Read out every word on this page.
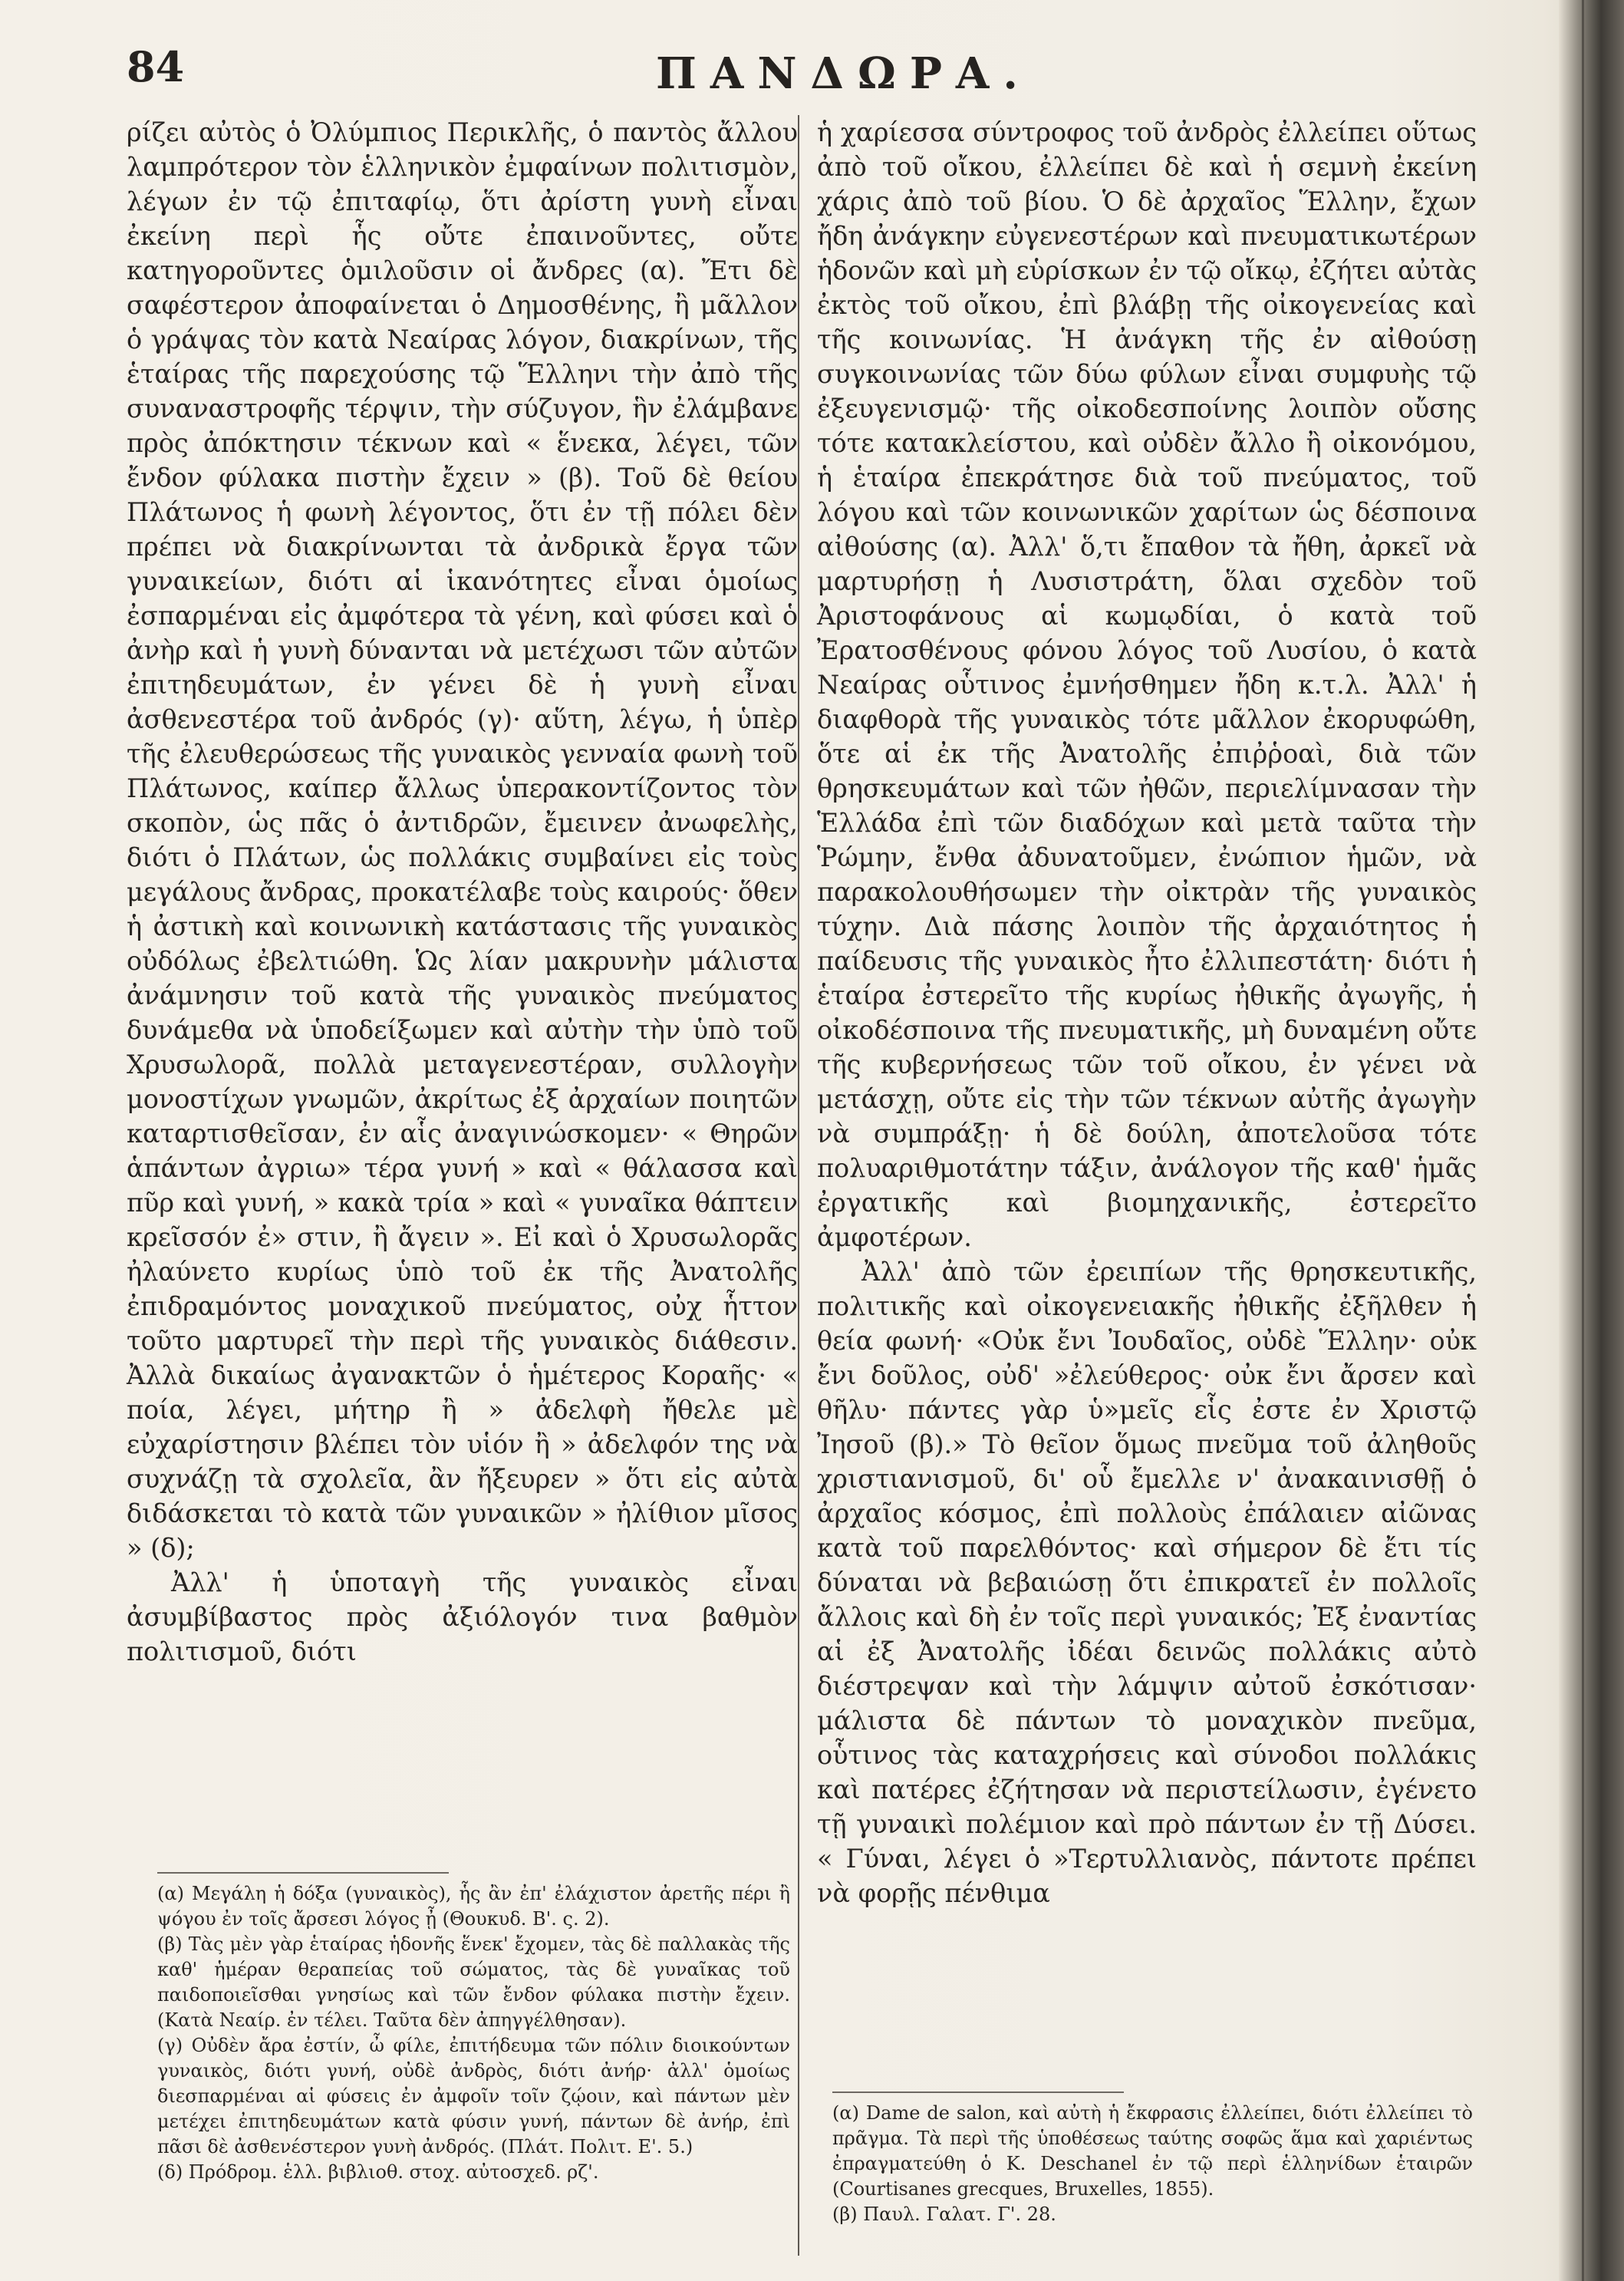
84	ΠΑΝΔΩΡΑ.

ρίζει αὐτὸς ὁ Ὀλύμπιος Περικλῆς, ὁ παντὸς ἄλλου λαμπρότερον τὸν ἑλληνικὸν ἐμφαίνων πολιτισμὸν, λέγων ἐν τῷ ἐπιταφίῳ, ὅτι ἀρίστη γυνὴ εἶναι ἐκείνη περὶ ἧς οὔτε ἐπαινοῦντες, οὔτε κατηγοροῦντες ὁμιλοῦσιν οἱ ἄνδρες (α). Ἔτι δὲ σαφέστερον ἀποφαίνεται ὁ Δημοσθένης, ἢ μᾶλλον ὁ γράψας τὸν κατὰ Νεαίρας λόγον, διακρίνων, τῆς ἑταίρας τῆς παρεχούσης τῷ Ἕλληνι τὴν ἀπὸ τῆς συναναστροφῆς τέρψιν, τὴν σύζυγον, ἣν ἐλάμβανε πρὸς ἀπόκτησιν τέκνων καὶ « ἕνεκα, λέγει, τῶν ἔνδον φύλακα πιστὴν ἔχειν » (β). Τοῦ δὲ θείου Πλάτωνος ἡ φωνὴ λέγοντος, ὅτι ἐν τῇ πόλει δὲν πρέπει νὰ διακρίνωνται τὰ ἀνδρικὰ ἔργα τῶν γυναικείων, διότι αἱ ἱκανότητες εἶναι ὁμοίως ἐσπαρμέναι εἰς ἀμφότερα τὰ γένη, καὶ φύσει καὶ ὁ ἀνὴρ καὶ ἡ γυνὴ δύνανται νὰ μετέχωσι τῶν αὐτῶν ἐπιτηδευμάτων, ἐν γένει δὲ ἡ γυνὴ εἶναι ἀσθενεστέρα τοῦ ἀνδρός (γ)· αὕτη, λέγω, ἡ ὑπὲρ τῆς ἐλευθερώσεως τῆς γυναικὸς γενναία φωνὴ τοῦ Πλάτωνος, καίπερ ἄλλως ὑπερακοντίζοντος τὸν σκοπὸν, ὡς πᾶς ὁ ἀντιδρῶν, ἔμεινεν ἀνωφελὴς, διότι ὁ Πλάτων, ὡς πολλάκις συμβαίνει εἰς τοὺς μεγάλους ἄνδρας, προκατέλαβε τοὺς καιρούς· ὅθεν ἡ ἀστικὴ καὶ κοινωνικὴ κατάστασις τῆς γυναικὸς οὐδόλως ἐβελτιώθη. Ὡς λίαν μακρυνὴν μάλιστα ἀνάμνησιν τοῦ κατὰ τῆς γυναικὸς πνεύματος δυνάμεθα νὰ ὑποδείξωμεν καὶ αὐτὴν τὴν ὑπὸ τοῦ Χρυσωλορᾶ, πολλὰ μεταγενεστέραν, συλλογὴν μονοστίχων γνωμῶν, ἀκρίτως ἐξ ἀρχαίων ποιητῶν καταρτισθεῖσαν, ἐν αἷς ἀναγινώσκομεν· « Θηρῶν ἁπάντων ἀγριω» τέρα γυνή » καὶ « θάλασσα καὶ πῦρ καὶ γυνή, » κακὰ τρία » καὶ « γυναῖκα θάπτειν κρεῖσσόν ἐ» στιν, ἢ ἄγειν ». Εἰ καὶ ὁ Χρυσωλορᾶς ἠλαύνετο κυρίως ὑπὸ τοῦ ἐκ τῆς Ἀνατολῆς ἐπιδραμόντος μοναχικοῦ πνεύματος, οὐχ ἧττον τοῦτο μαρτυρεῖ τὴν περὶ τῆς γυναικὸς διάθεσιν. Ἀλλὰ δικαίως ἀγανακτῶν ὁ ἡμέτερος Κοραῆς· « ποία, λέγει, μήτηρ ἢ » ἀδελφὴ ἤθελε μὲ εὐχαρίστησιν βλέπει τὸν υἱόν ἢ » ἀδελφόν της νὰ συχνάζῃ τὰ σχολεῖα, ἂν ἤξευρεν » ὅτι εἰς αὐτὰ διδάσκεται τὸ κατὰ τῶν γυναικῶν » ἠλίθιον μῖσος » (δ);

Ἀλλ' ἡ ὑποταγὴ τῆς γυναικὸς εἶναι ἀσυμβίβαστος πρὸς ἀξιόλογόν τινα βαθμὸν πολιτισμοῦ, διότι

ἡ χαρίεσσα σύντροφος τοῦ ἀνδρὸς ἐλλείπει οὕτως ἀπὸ τοῦ οἴκου, ἐλλείπει δὲ καὶ ἡ σεμνὴ ἐκείνη χάρις ἀπὸ τοῦ βίου. Ὁ δὲ ἀρχαῖος Ἕλλην, ἔχων ἤδη ἀνάγκην εὐγενεστέρων καὶ πνευματικωτέρων ἡδονῶν καὶ μὴ εὑρίσκων ἐν τῷ οἴκῳ, ἐζήτει αὐτὰς ἐκτὸς τοῦ οἴκου, ἐπὶ βλάβῃ τῆς οἰκογενείας καὶ τῆς κοινωνίας. Ἡ ἀνάγκη τῆς ἐν αἰθούσῃ συγκοινωνίας τῶν δύω φύλων εἶναι συμφυὴς τῷ ἐξευγενισμῷ· τῆς οἰκοδεσποίνης λοιπὸν οὔσης τότε κατακλείστου, καὶ οὐδὲν ἄλλο ἢ οἰκονόμου, ἡ ἑταίρα ἐπεκράτησε διὰ τοῦ πνεύματος, τοῦ λόγου καὶ τῶν κοινωνικῶν χαρίτων ὡς δέσποινα αἰθούσης (α). Ἀλλ' ὅ,τι ἔπαθον τὰ ἤθη, ἀρκεῖ νὰ μαρτυρήσῃ ἡ Λυσιστράτη, ὅλαι σχεδὸν τοῦ Ἀριστοφάνους αἱ κωμῳδίαι, ὁ κατὰ τοῦ Ἐρατοσθένους φόνου λόγος τοῦ Λυσίου, ὁ κατὰ Νεαίρας οὗτινος ἐμνήσθημεν ἤδη κ.τ.λ. Ἀλλ' ἡ διαφθορὰ τῆς γυναικὸς τότε μᾶλλον ἐκορυφώθη, ὅτε αἱ ἐκ τῆς Ἀνατολῆς ἐπιῤῥοαὶ, διὰ τῶν θρησκευμάτων καὶ τῶν ἠθῶν, περιελίμνασαν τὴν Ἑλλάδα ἐπὶ τῶν διαδόχων καὶ μετὰ ταῦτα τὴν Ῥώμην, ἔνθα ἀδυνατοῦμεν, ἐνώπιον ἡμῶν, νὰ παρακολουθήσωμεν τὴν οἰκτρὰν τῆς γυναικὸς τύχην. Διὰ πάσης λοιπὸν τῆς ἀρχαιότητος ἡ παίδευσις τῆς γυναικὸς ἦτο ἐλλιπεστάτη· διότι ἡ ἑταίρα ἐστερεῖτο τῆς κυρίως ἠθικῆς ἀγωγῆς, ἡ οἰκοδέσποινα τῆς πνευματικῆς, μὴ δυναμένη οὔτε τῆς κυβερνήσεως τῶν τοῦ οἴκου, ἐν γένει νὰ μετάσχῃ, οὔτε εἰς τὴν τῶν τέκνων αὐτῆς ἀγωγὴν νὰ συμπράξῃ· ἡ δὲ δούλη, ἀποτελοῦσα τότε πολυαριθμοτάτην τάξιν, ἀνάλογον τῆς καθ' ἡμᾶς ἐργατικῆς καὶ βιομηχανικῆς, ἐστερεῖτο ἀμφοτέρων.

Ἀλλ' ἀπὸ τῶν ἐρειπίων τῆς θρησκευτικῆς, πολιτικῆς καὶ οἰκογενειακῆς ἠθικῆς ἐξῆλθεν ἡ θεία φωνή· «Οὐκ ἔνι Ἰουδαῖος, οὐδὲ Ἕλλην· οὐκ ἔνι δοῦλος, οὐδ' »ἐλεύθερος· οὐκ ἔνι ἄρσεν καὶ θῆλυ· πάντες γὰρ ὑ»μεῖς εἷς ἐστε ἐν Χριστῷ Ἰησοῦ (β).» Τὸ θεῖον ὅμως πνεῦμα τοῦ ἀληθοῦς χριστιανισμοῦ, δι' οὗ ἔμελλε ν' ἀνακαινισθῇ ὁ ἀρχαῖος κόσμος, ἐπὶ πολλοὺς ἐπάλαιεν αἰῶνας κατὰ τοῦ παρελθόντος· καὶ σήμερον δὲ ἔτι τίς δύναται νὰ βεβαιώσῃ ὅτι ἐπικρατεῖ ἐν πολλοῖς ἄλλοις καὶ δὴ ἐν τοῖς περὶ γυναικός; Ἐξ ἐναντίας αἱ ἐξ Ἀνατολῆς ἰδέαι δεινῶς πολλάκις αὐτὸ διέστρεψαν καὶ τὴν λάμψιν αὐτοῦ ἐσκότισαν· μάλιστα δὲ πάντων τὸ μοναχικὸν πνεῦμα, οὗτινος τὰς καταχρήσεις καὶ σύνοδοι πολλάκις καὶ πατέρες ἐζήτησαν νὰ περιστείλωσιν, ἐγένετο τῇ γυναικὶ πολέμιον καὶ πρὸ πάντων ἐν τῇ Δύσει. « Γύναι, λέγει ὁ »Τερτυλλιανὸς, πάντοτε πρέπει νὰ φορῇς πένθιμα

(α) Μεγάλη ἡ δόξα (γυναικὸς), ἧς ἂν ἐπ' ἐλάχιστον ἀρετῆς πέρι ἢ ψόγου ἐν τοῖς ἄρσεσι λόγος ᾖ (Θουκυδ. Β'. ς. 2).

(β) Τὰς μὲν γὰρ ἑταίρας ἡδονῆς ἕνεκ' ἔχομεν, τὰς δὲ παλλακὰς τῆς καθ' ἡμέραν θεραπείας τοῦ σώματος, τὰς δὲ γυναῖκας τοῦ παιδοποιεῖσθαι γνησίως καὶ τῶν ἔνδον φύλακα πιστὴν ἔχειν. (Κατὰ Νεαίρ. ἐν τέλει. Ταῦτα δὲν ἀπηγγέλθησαν).

(γ) Οὐδὲν ἄρα ἐστίν, ὦ φίλε, ἐπιτήδευμα τῶν πόλιν διοικούντων γυναικὸς, διότι γυνή, οὐδὲ ἀνδρὸς, διότι ἀνήρ· ἀλλ' ὁμοίως διεσπαρμέναι αἱ φύσεις ἐν ἀμφοῖν τοῖν ζῴοιν, καὶ πάντων μὲν μετέχει ἐπιτηδευμάτων κατὰ φύσιν γυνή, πάντων δὲ ἀνήρ, ἐπὶ πᾶσι δὲ ἀσθενέστερον γυνὴ ἀνδρός. (Πλάτ. Πολιτ. Ε'. 5.)

(δ) Πρόδρομ. ἑλλ. βιβλιοθ. στοχ. αὐτοσχεδ. ρζ'.

(α) Dame de salon, καὶ αὐτὴ ἡ ἔκφρασις ἐλλείπει, διότι ἐλλείπει τὸ πρᾶγμα. Τὰ περὶ τῆς ὑποθέσεως ταύτης σοφῶς ἅμα καὶ χαριέντως ἐπραγματεύθη ὁ K. Deschanel ἐν τῷ περὶ ἑλληνίδων ἑταιρῶν (Courtisanes grecques, Bruxelles, 1855).

(β) Παυλ. Γαλατ. Γ'. 28.
